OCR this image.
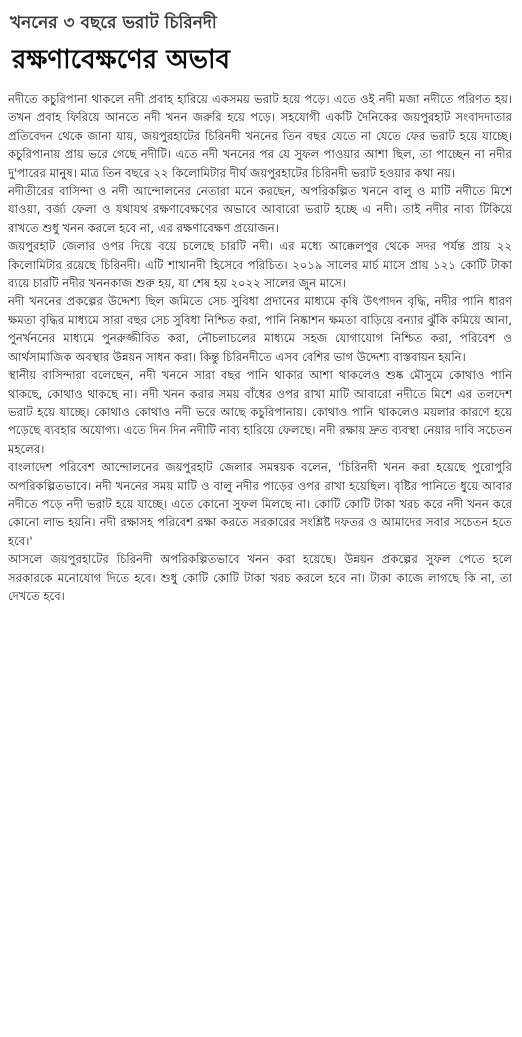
খননের ৩ বছরে ভরাট চিরিনদী
রক্ষণাবেক্ষণের অভাব

নদীতে কচুরিপানা থাকলে নদী প্রবাহ হারিয়ে একসময় ভরাট হয়ে পড়ে। এতে ওই নদী মজা নদীতে পরিণত হয়। তখন প্রবাহ ফিরিয়ে আনতে নদী খনন জরুরি হয়ে পড়ে। সহযোগী একটি দৈনিকের জয়পুরহাট সংবাদদাতার প্রতিবেদন থেকে জানা যায়, জয়পুরহাটের চিরিনদী খননের তিন বছর যেতে না যেতে ফের ভরাট হয়ে যাচ্ছে। কচুরিপানায় প্রায় ভরে গেছে নদীটি। এতে নদী খননের পর যে সুফল পাওয়ার আশা ছিল, তা পাচ্ছেন না নদীর দু'পারের মানুষ। মাত্র তিন বছরে ২২ কিলোমিটার দীর্ঘ জয়পুরহাটের চিরিনদী ভরাট হওয়ার কথা নয়।

নদীতীরের বাসিন্দা ও নদী আন্দোলনের নেতারা মনে করছেন, অপরিকল্পিত খননে বালু ও মাটি নদীতে মিশে যাওয়া, বর্জ্য ফেলা ও যথাযথ রক্ষণাবেক্ষণের অভাবে আবারো ভরাট হচ্ছে এ নদী। তাই নদীর নাব্য টিকিয়ে রাখতে শুধু খনন করলে হবে না, এর রক্ষণাবেক্ষণ প্রয়োজন।

জয়পুরহাট জেলার ওপর দিয়ে বয়ে চলেছে চারটি নদী। এর মধ্যে আক্কেলপুর থেকে সদর পর্যন্ত প্রায় ২২ কিলোমিটার রয়েছে চিরিনদী। এটি শাখানদী হিসেবে পরিচিত। ২০১৯ সালের মার্চ মাসে প্রায় ১২১ কোটি টাকা ব্যয়ে চারটি নদীর খননকাজ শুরু হয়, যা শেষ হয় ২০২২ সালের জুন মাসে।

নদী খননের প্রকল্পের উদ্দেশ্য ছিল জমিতে সেচ সুবিধা প্রদানের মাধ্যমে কৃষি উৎপাদন বৃদ্ধি, নদীর পানি ধারণ ক্ষমতা বৃদ্ধির মাধ্যমে সারা বছর সেচ সুবিধা নিশ্চিত করা, পানি নিষ্কাশন ক্ষমতা বাড়িয়ে বন্যার ঝুঁকি কমিয়ে আনা, পুনর্খননের মাধ্যমে পুনরুজ্জীবিত করা, নৌচলাচলের মাধ্যমে সহজ যোগাযোগ নিশ্চিত করা, পরিবেশ ও আর্থসামাজিক অবস্থার উন্নয়ন সাধন করা। কিন্তু চিরিনদীতে এসব বেশির ভাগ উদ্দেশ্য বাস্তবায়ন হয়নি।

স্থানীয় বাসিন্দারা বলেছেন, নদী খননে সারা বছর পানি থাকার আশা থাকলেও শুষ্ক মৌসুমে কোথাও পানি থাকছে, কোথাও থাকছে না। নদী খনন করার সময় বাঁধের ওপর রাখা মাটি আবারো নদীতে মিশে এর তলদেশ ভরাট হয়ে যাচ্ছে। কোথাও কোথাও নদী ভরে আছে কচুরিপানায়। কোথাও পানি থাকলেও ময়লার কারণে হয়ে পড়েছে ব্যবহার অযোগ্য। এতে দিন দিন নদীটি নাব্য হারিয়ে ফেলছে। নদী রক্ষায় দ্রুত ব্যবস্থা নেয়ার দাবি সচেতন মহলের।

বাংলাদেশ পরিবেশ আন্দোলনের জয়পুরহাট জেলার সমন্বয়ক বলেন, 'চিরিনদী খনন করা হয়েছে পুরোপুরি অপরিকল্পিতভাবে। নদী খননের সময় মাটি ও বালু নদীর পাড়ের ওপর রাখা হয়েছিল। বৃষ্টির পানিতে ধুয়ে আবার নদীতে পড়ে নদী ভরাট হয়ে যাচ্ছে। এতে কোনো সুফল মিলছে না। কোটি কোটি টাকা খরচ করে নদী খনন করে কোনো লাভ হয়নি। নদী রক্ষাসহ পরিবেশ রক্ষা করতে সরকারের সংশ্লিষ্ট দফতর ও আমাদের সবার সচেতন হতে হবে।'

আসলে জয়পুরহাটের চিরিনদী অপরিকল্পিতভাবে খনন করা হয়েছে। উন্নয়ন প্রকল্পের সুফল পেতে হলে সরকারকে মনোযোগ দিতে হবে। শুধু কোটি কোটি টাকা খরচ করলে হবে না। টাকা কাজে লাগছে কি না, তা দেখতে হবে।
